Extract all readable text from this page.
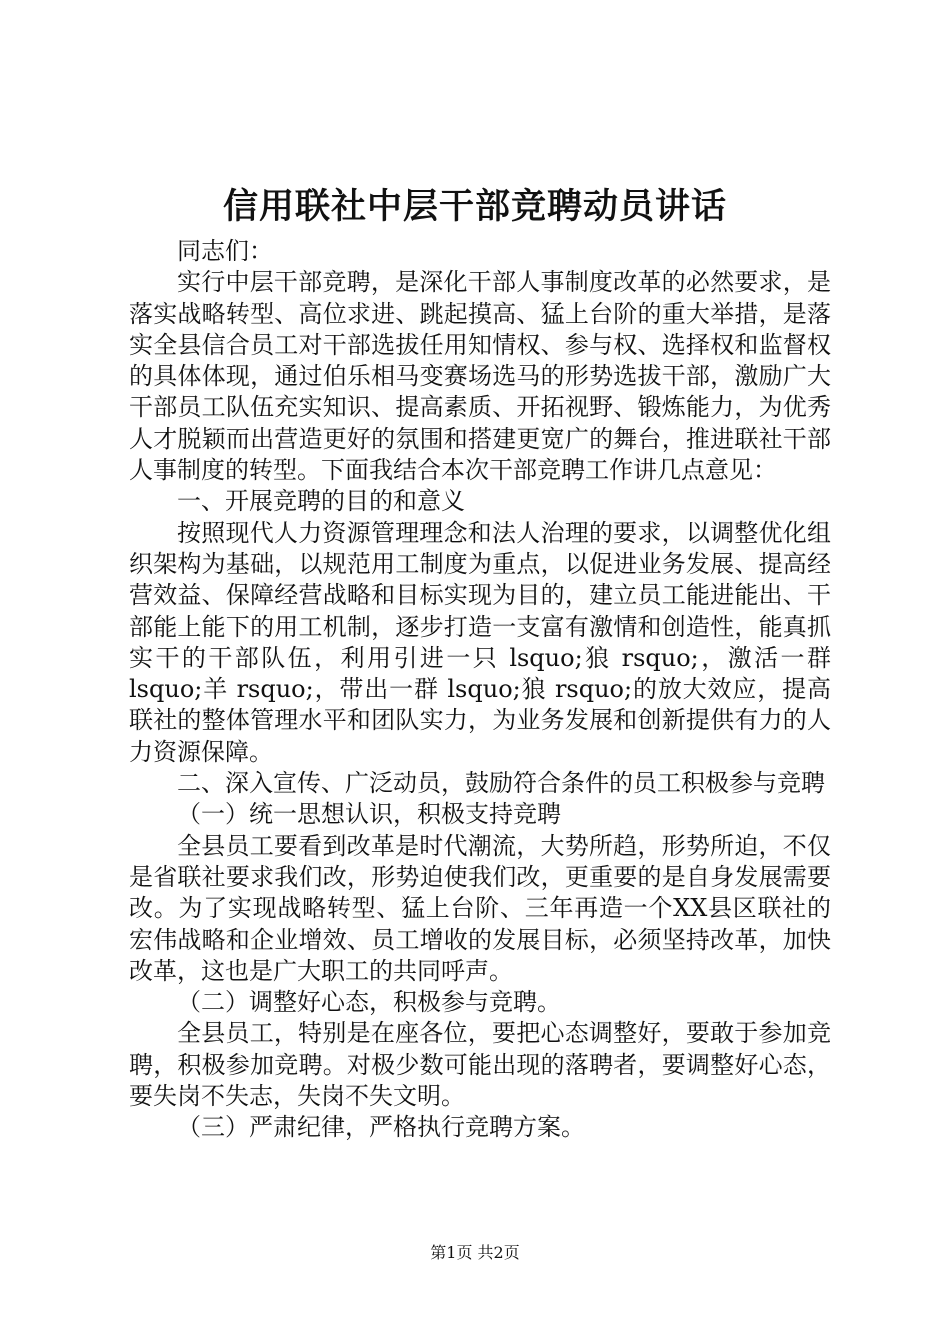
信用联社中层干部竞聘动员讲话

同志们：

实行中层干部竞聘，是深化干部人事制度改革的必然要求，是落实战略转型、高位求进、跳起摸高、猛上台阶的重大举措，是落实全县信合员工对干部选拔任用知情权、参与权、选择权和监督权的具体体现，通过伯乐相马变赛场选马的形势选拔干部，激励广大干部员工队伍充实知识、提高素质、开拓视野、锻炼能力，为优秀人才脱颖而出营造更好的氛围和搭建更宽广的舞台，推进联社干部人事制度的转型。下面我结合本次干部竞聘工作讲几点意见：

一、开展竞聘的目的和意义

按照现代人力资源管理理念和法人治理的要求，以调整优化组织架构为基础，以规范用工制度为重点，以促进业务发展、提高经营效益、保障经营战略和目标实现为目的，建立员工能进能出、干部能上能下的用工机制，逐步打造一支富有激情和创造性，能真抓实干的干部队伍，利用引进一只 lsquo;狼 rsquo;，激活一群 lsquo;羊 rsquo;，带出一群 lsquo;狼 rsquo;的放大效应，提高联社的整体管理水平和团队实力，为业务发展和创新提供有力的人力资源保障。

二、深入宣传、广泛动员，鼓励符合条件的员工积极参与竞聘

（一）统一思想认识，积极支持竞聘

全县员工要看到改革是时代潮流，大势所趋，形势所迫，不仅是省联社要求我们改，形势迫使我们改，更重要的是自身发展需要改。为了实现战略转型、猛上台阶、三年再造一个XX县区联社的宏伟战略和企业增效、员工增收的发展目标，必须坚持改革，加快改革，这也是广大职工的共同呼声。

（二）调整好心态，积极参与竞聘。

全县员工，特别是在座各位，要把心态调整好，要敢于参加竞聘，积极参加竞聘。对极少数可能出现的落聘者，要调整好心态，要失岗不失志，失岗不失文明。

（三）严肃纪律，严格执行竞聘方案。

第1页 共2页
